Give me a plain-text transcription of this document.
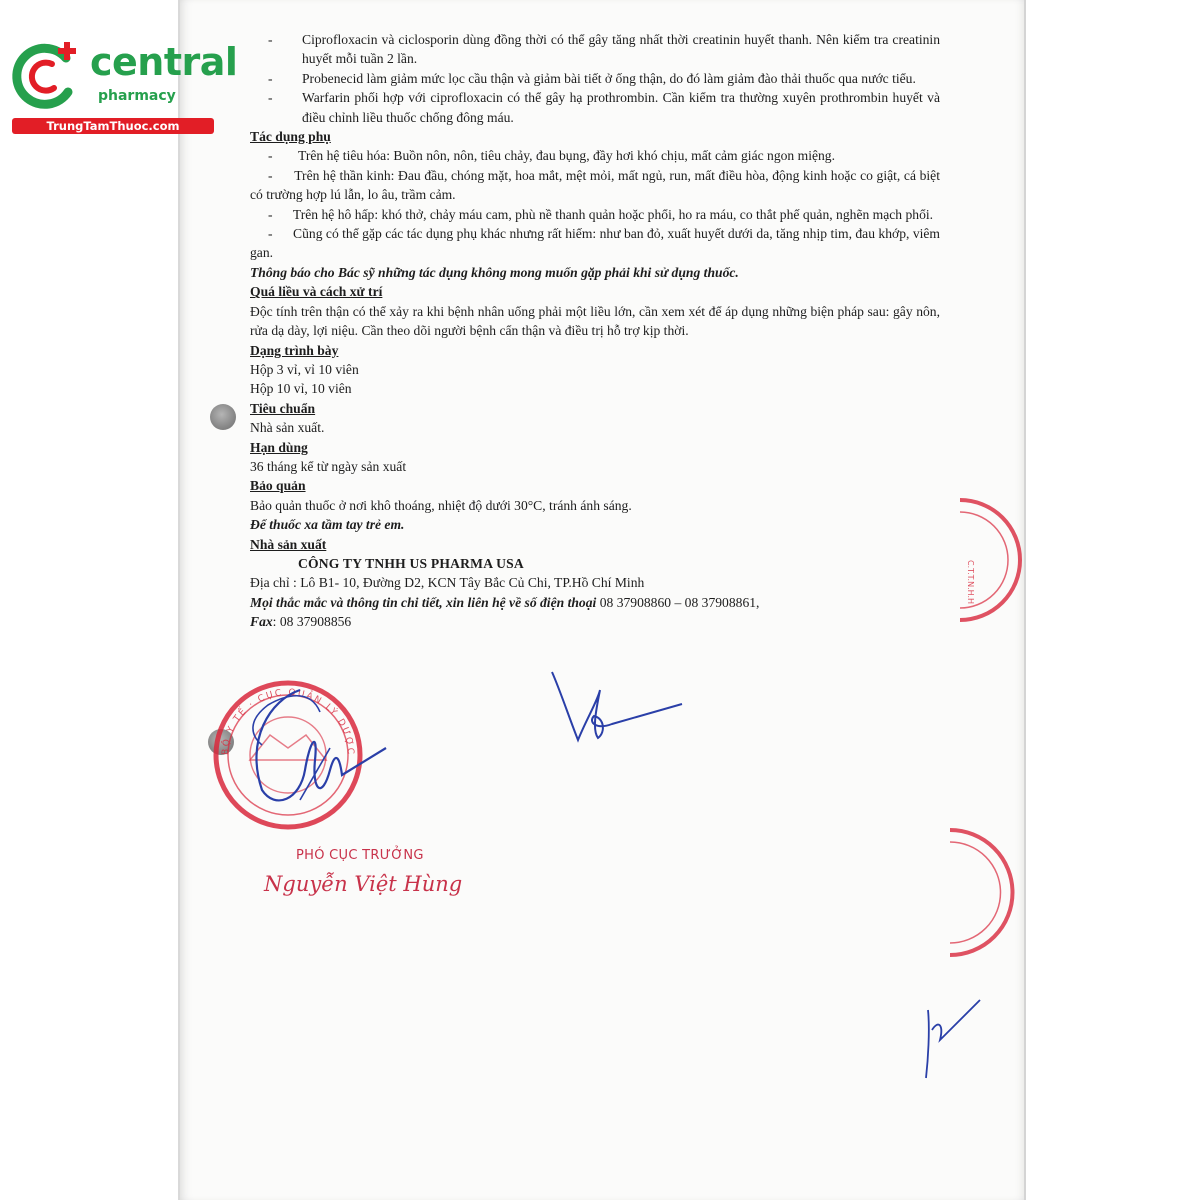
central
pharmacy
TrungTamThuoc.com
-	Ciprofloxacin và ciclosporin dùng đồng thời có thể gây tăng nhất thời creatinin huyết thanh. Nên kiểm tra creatinin huyết mỗi tuần 2 lần.
-	Probenecid làm giảm mức lọc cầu thận và giảm bài tiết ở ống thận, do đó làm giảm đào thải thuốc qua nước tiểu.
-	Warfarin phối hợp với ciprofloxacin có thể gây hạ prothrombin. Cần kiểm tra thường xuyên prothrombin huyết và điều chỉnh liều thuốc chống đông máu.
Tác dụng phụ
-	Trên hệ tiêu hóa: Buồn nôn, nôn, tiêu chảy, đau bụng, đầy hơi khó chịu, mất cảm giác ngon miệng.
-      Trên hệ thần kinh: Đau đầu, chóng mặt, hoa mắt, mệt mỏi, mất ngủ, run, mất điều hòa, động kinh hoặc co giật, cá biệt có trường hợp lú lẫn, lo âu, trầm cảm.
-      Trên hệ hô hấp: khó thở, chảy máu cam, phù nề thanh quản hoặc phổi, ho ra máu, co thắt phế quản, nghẽn mạch phổi.
-      Cũng có thể gặp các tác dụng phụ khác nhưng rất hiếm: như ban đỏ, xuất huyết dưới da, tăng nhịp tim, đau khớp, viêm gan.
Thông báo cho Bác sỹ những tác dụng không mong muốn gặp phải khi sử dụng thuốc.
Quá liều và cách xử trí
Độc tính trên thận có thể xảy ra khi bệnh nhân uống phải một liều lớn, cần xem xét để áp dụng những biện pháp sau: gây nôn, rửa dạ dày, lợi niệu. Cần theo dõi người bệnh cẩn thận và điều trị hỗ trợ kịp thời.
Dạng trình bày
Hộp 3 vỉ, vỉ 10 viên
Hộp 10 vỉ, 10 viên
Tiêu chuẩn
Nhà sản xuất.
Hạn dùng
36 tháng kể từ ngày sản xuất
Bảo quản
Bảo quản thuốc ở nơi khô thoáng, nhiệt độ dưới 30°C, tránh ánh sáng.
Để thuốc xa tầm tay trẻ em.
Nhà sản xuất
CÔNG TY TNHH US PHARMA USA
Địa chỉ : Lô B1- 10, Đường D2, KCN Tây Bắc Củ Chi, TP.Hồ Chí Minh
Mọi thắc mắc và thông tin chi tiết, xin liên hệ về số điện thoại 08 37908860 – 08 37908861,
Fax: 08 37908856
BỘ Y TẾ · CỤC QUẢN LÝ DƯỢC
PHÓ CỤC TRƯỞNG
Nguyễn Việt Hùng
C.T.T.N.H.H
